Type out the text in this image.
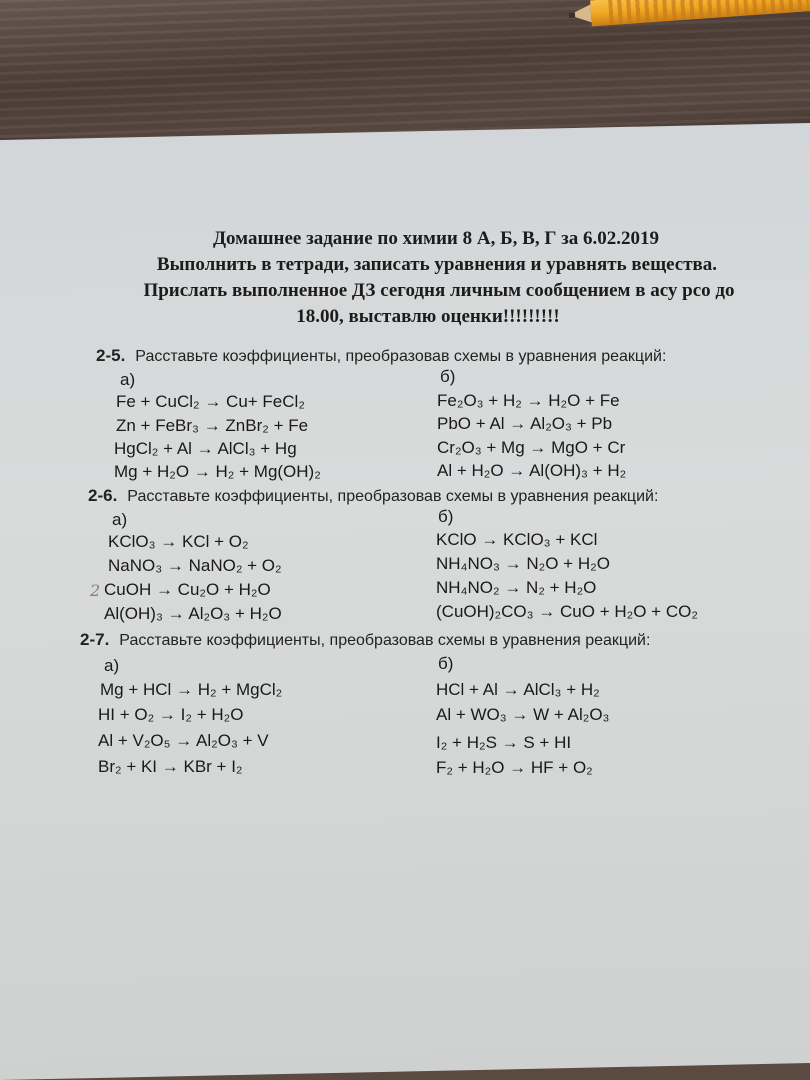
Домашнее задание по химии 8 А, Б, В, Г за 6.02.2019
Выполнить в тетради, записать уравнения и уравнять вещества.
Прислать выполненное ДЗ сегодня личным сообщением в асу рсо до
18.00, выставлю оценки!!!!!!!!!
2-5. Расставьте коэффициенты, преобразовав схемы в уравнения реакций:
а)	б)
Fe + CuCl₂ → Cu+ FeCl₂
Zn + FeBr₃ → ZnBr₂ + Fe
HgCl₂ + Al → AlCl₃ + Hg
Mg + H₂O → H₂ + Mg(OH)₂
Fe₂O₃ + H₂ → H₂O + Fe
PbO + Al → Al₂O₃ + Pb
Cr₂O₃ + Mg → MgO + Cr
Al + H₂O → Al(OH)₃ + H₂
2-6. Расставьте коэффициенты, преобразовав схемы в уравнения реакций:
а)	б)
KClO₃ → KCl + O₂
NaNO₃ → NaNO₂ + O₂
CuOH → Cu₂O + H₂O
Al(OH)₃ → Al₂O₃ + H₂O
KClO → KClO₃ + KCl
NH₄NO₃ → N₂O + H₂O
NH₄NO₂ → N₂ + H₂O
(CuOH)₂CO₃ → CuO + H₂O + CO₂
2
2-7. Расставьте коэффициенты, преобразовав схемы в уравнения реакций:
а)	б)
Mg + HCl → H₂ + MgCl₂
HI + O₂ → I₂ + H₂O
Al + V₂O₅ → Al₂O₃ + V
Br₂ + KI → KBr + I₂
HCl + Al → AlCl₃ + H₂
Al + WO₃ → W + Al₂O₃
I₂ + H₂S → S + HI
F₂ + H₂O → HF + O₂
